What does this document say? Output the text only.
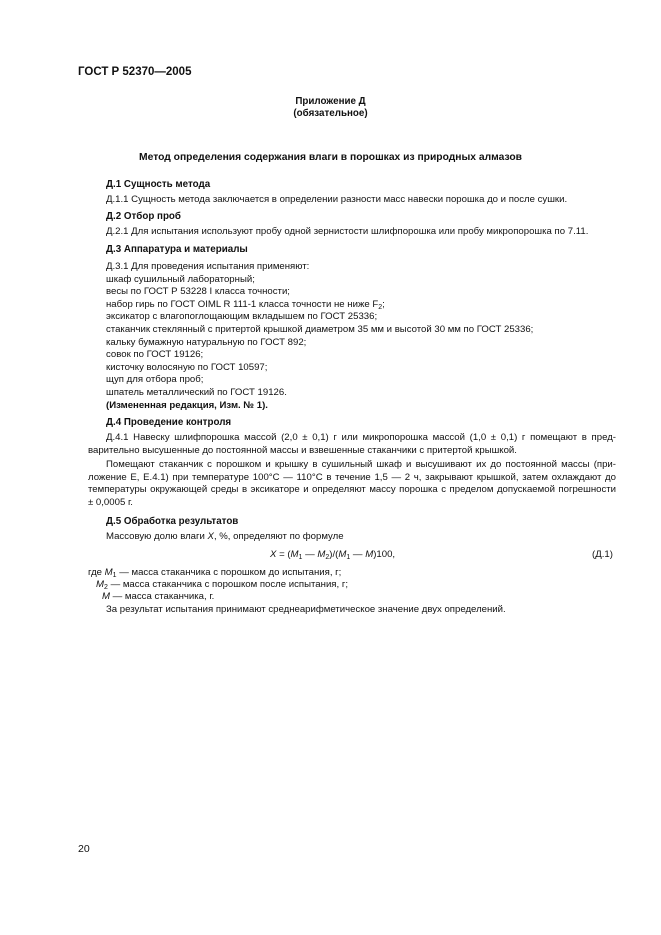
ГОСТ Р 52370—2005
Приложение Д
(обязательное)
Метод определения содержания влаги в порошках из природных алмазов
Д.1 Сущность метода
Д.1.1 Сущность метода заключается в определении разности масс навески порошка до и после сушки.
Д.2 Отбор проб
Д.2.1 Для испытания используют пробу одной зернистости шлифпорошка или пробу микропорошка по 7.11.
Д.3 Аппаратура и материалы
Д.3.1 Для проведения испытания применяют:
шкаф сушильный лабораторный;
весы по ГОСТ Р 53228 I класса точности;
набор гирь по ГОСТ OIML R 111-1 класса точности не ниже $F_2$;
эксикатор с влагопоглощающим вкладышем по ГОСТ 25336;
стаканчик стеклянный с притертой крышкой диаметром 35 мм и высотой 30 мм по ГОСТ 25336;
кальку бумажную натуральную по ГОСТ 892;
совок по ГОСТ 19126;
кисточку волосяную по ГОСТ 10597;
щуп для отбора проб;
шпатель металлический по ГОСТ 19126.
(Измененная редакция, Изм. № 1).
Д.4 Проведение контроля
Д.4.1 Навеску шлифпорошка массой (2,0 ± 0,1) г или микропорошка массой (1,0 ± 0,1) г помещают в пред-
варительно высушенные до постоянной массы и взвешенные стаканчики с притертой крышкой.
Помещают стаканчик с порошком и крышку в сушильный шкаф и высушивают их до постоянной массы (при-
ложение Е, Е.4.1) при температуре 100°С — 110°С в течение 1,5 — 2 ч, закрывают крышкой, затем охлаждают до
температуры окружающей среды в эксикаторе и определяют массу порошка с пределом допускаемой погрешности
± 0,0005 г.
Д.5 Обработка результатов
Массовую долю влаги X, %, определяют по формуле
$X = (M_1$ — $M_2)/(M_1$ — M)100,	(Д.1)
где $M_1$ — масса стаканчика с порошком до испытания, г;
$M_2$ — масса стаканчика с порошком после испытания, г;
M — масса стаканчика, г.
За результат испытания принимают среднеарифметическое значение двух определений.
20
